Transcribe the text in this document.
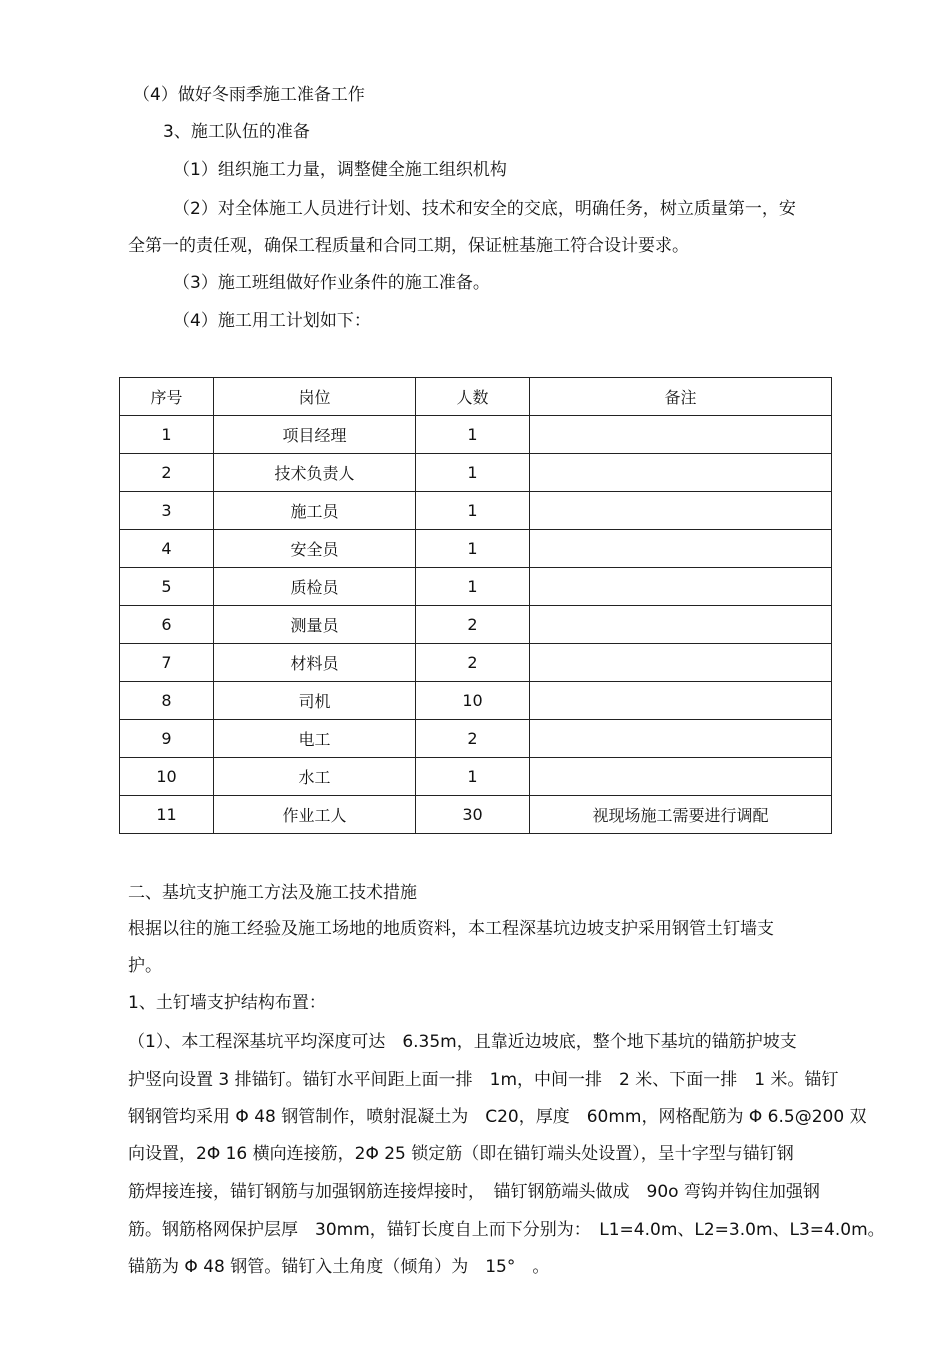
（4）做好冬雨季施工准备工作
3、施工队伍的准备
（1）组织施工力量，调整健全施工组织机构
（2）对全体施工人员进行计划、技术和安全的交底，明确任务，树立质量第一，安
全第一的责任观，确保工程质量和合同工期，保证桩基施工符合设计要求。
（3）施工班组做好作业条件的施工准备。
（4）施工用工计划如下：
序号	岗位	人数	备注
1	项目经理	1	
2	技术负责人	1	
3	施工员	1	
4	安全员	1	
5	质检员	1	
6	测量员	2	
7	材料员	2	
8	司机	10	
9	电工	2	
10	水工	1	
11	作业工人	30	视现场施工需要进行调配
二、基坑支护施工方法及施工技术措施
根据以往的施工经验及施工场地的地质资料，本工程深基坑边坡支护采用钢管土钉墙支
护。
1、土钉墙支护结构布置：
（1）、本工程深基坑平均深度可达　6.35m，且靠近边坡底，整个地下基坑的锚筋护坡支
护竖向设置 3 排锚钉。锚钉水平间距上面一排　1m，中间一排　2 米、下面一排　1 米。锚钉
钢钢管均采用 Φ 48 钢管制作，喷射混凝土为　C20，厚度　60mm，网格配筋为 Φ 6.5@200 双
向设置，2Φ 16 横向连接筋，2Φ 25 锁定筋（即在锚钉端头处设置），呈十字型与锚钉钢
筋焊接连接，锚钉钢筋与加强钢筋连接焊接时，　锚钉钢筋端头做成　90o 弯钩并钩住加强钢
筋。钢筋格网保护层厚　30mm，锚钉长度自上而下分别为：　L1=4.0m、L2=3.0m、L3=4.0m。
锚筋为 Φ 48 钢管。锚钉入土角度（倾角）为　15°　。
